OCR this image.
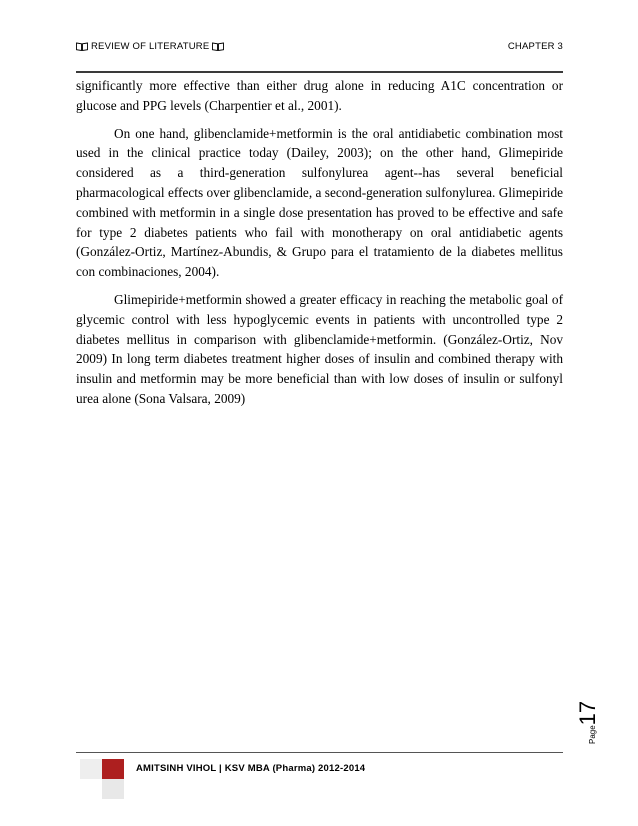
REVIEW OF LITERATURE	CHAPTER 3

significantly more effective than either drug alone in reducing A1C concentration or glucose and PPG levels (Charpentier et al., 2001).

On one hand, glibenclamide+metformin is the oral antidiabetic combination most used in the clinical practice today (Dailey, 2003); on the other hand, Glimepiride considered as a third-generation sulfonylurea agent--has several beneficial pharmacological effects over glibenclamide, a second-generation sulfonylurea. Glimepiride combined with metformin in a single dose presentation has proved to be effective and safe for type 2 diabetes patients who fail with monotherapy on oral antidiabetic agents (González-Ortiz, Martínez-Abundis, & Grupo para el tratamiento de la diabetes mellitus con combinaciones, 2004).

Glimepiride+metformin showed a greater efficacy in reaching the metabolic goal of glycemic control with less hypoglycemic events in patients with uncontrolled type 2 diabetes mellitus in comparison with glibenclamide+metformin. (González-Ortiz, Nov 2009) In long term diabetes treatment higher doses of insulin and combined therapy with insulin and metformin may be more beneficial than with low doses of insulin or sulfonyl urea alone (Sona Valsara, 2009)

Page17
AMITSINH VIHOL | KSV MBA (Pharma) 2012-2014
